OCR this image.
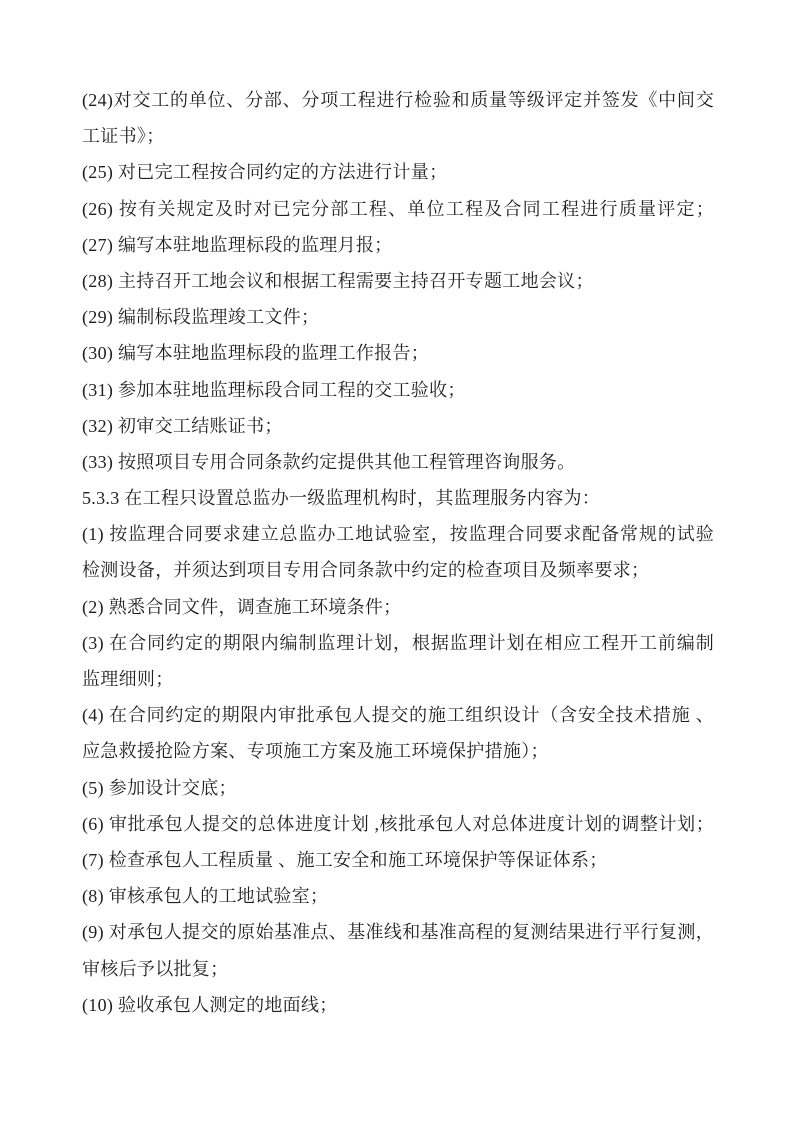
(24)对交工的单位、分部、分项工程进行检验和质量等级评定并签发《中间交
工证书》；
(25) 对已完工程按合同约定的方法进行计量；
(26) 按有关规定及时对已完分部工程、单位工程及合同工程进行质量评定；
(27) 编写本驻地监理标段的监理月报；
(28) 主持召开工地会议和根据工程需要主持召开专题工地会议；
(29) 编制标段监理竣工文件；
(30) 编写本驻地监理标段的监理工作报告；
(31) 参加本驻地监理标段合同工程的交工验收；
(32) 初审交工结账证书；
(33) 按照项目专用合同条款约定提供其他工程管理咨询服务。
5.3.3 在工程只设置总监办一级监理机构时，其监理服务内容为：
(1) 按监理合同要求建立总监办工地试验室，按监理合同要求配备常规的试验
检测设备，并须达到项目专用合同条款中约定的检查项目及频率要求；
(2) 熟悉合同文件，调查施工环境条件；
(3) 在合同约定的期限内编制监理计划，根据监理计划在相应工程开工前编制
监理细则；
(4) 在合同约定的期限内审批承包人提交的施工组织设计（含安全技术措施 、
应急救援抢险方案、专项施工方案及施工环境保护措施）；
(5) 参加设计交底；
(6) 审批承包人提交的总体进度计划 ,核批承包人对总体进度计划的调整计划；
(7) 检查承包人工程质量 、施工安全和施工环境保护等保证体系；
(8) 审核承包人的工地试验室；
(9) 对承包人提交的原始基准点、基准线和基准高程的复测结果进行平行复测，
审核后予以批复；
(10) 验收承包人测定的地面线；
